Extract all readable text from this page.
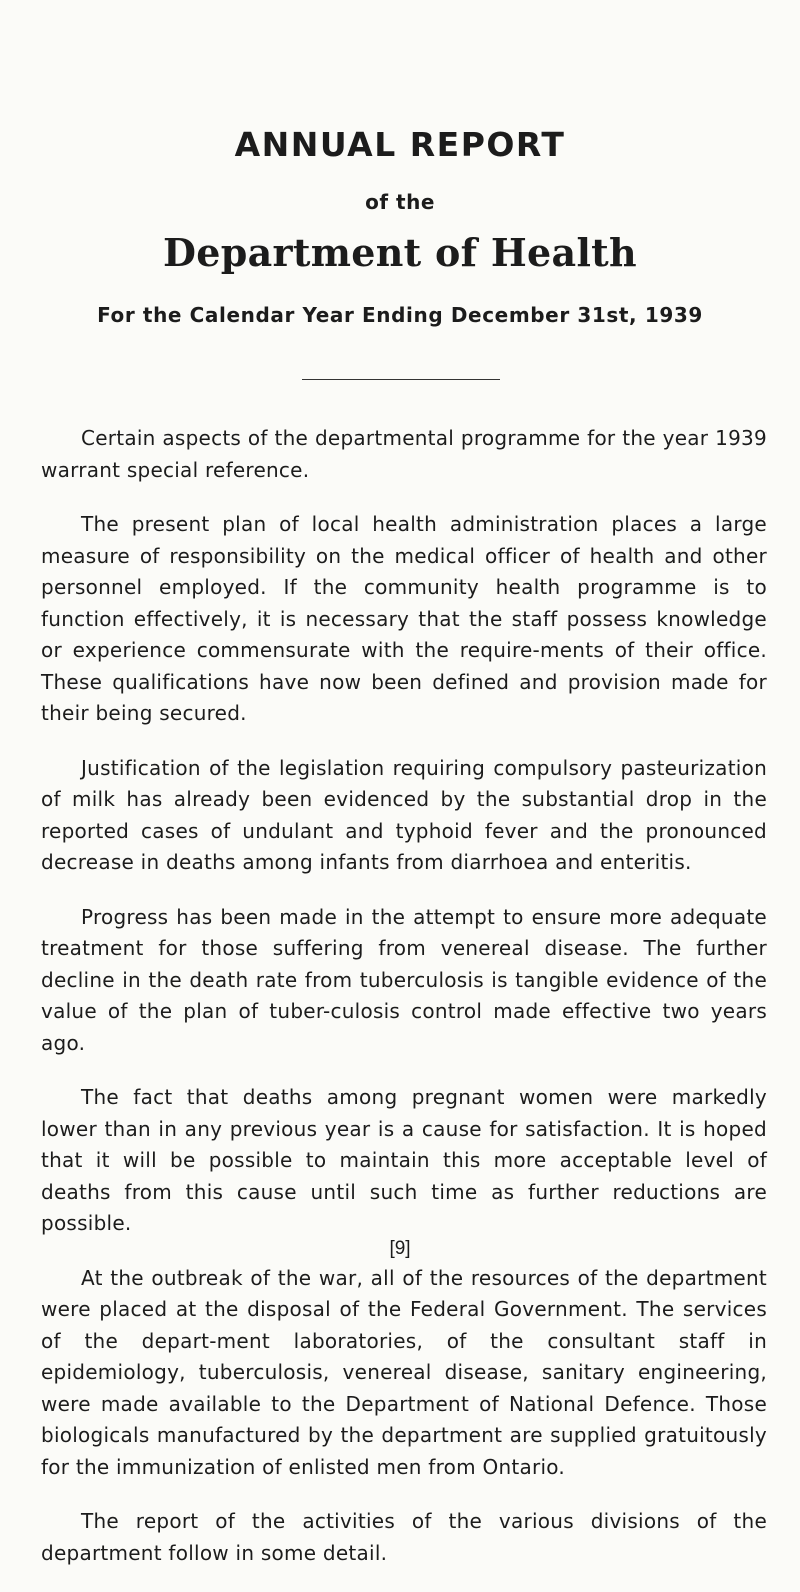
ANNUAL REPORT
of the
Department of Health
For the Calendar Year Ending December 31st, 1939

Certain aspects of the departmental programme for the year 1939 warrant special reference.

The present plan of local health administration places a large measure of responsibility on the medical officer of health and other personnel employed. If the community health programme is to function effectively, it is necessary that the staff possess knowledge or experience commensurate with the require-ments of their office. These qualifications have now been defined and provision made for their being secured.

Justification of the legislation requiring compulsory pasteurization of milk has already been evidenced by the substantial drop in the reported cases of undulant and typhoid fever and the pronounced decrease in deaths among infants from diarrhoea and enteritis.

Progress has been made in the attempt to ensure more adequate treatment for those suffering from venereal disease. The further decline in the death rate from tuberculosis is tangible evidence of the value of the plan of tuber-culosis control made effective two years ago.

The fact that deaths among pregnant women were markedly lower than in any previous year is a cause for satisfaction. It is hoped that it will be possible to maintain this more acceptable level of deaths from this cause until such time as further reductions are possible.

At the outbreak of the war, all of the resources of the department were placed at the disposal of the Federal Government. The services of the depart-ment laboratories, of the consultant staff in epidemiology, tuberculosis, venereal disease, sanitary engineering, were made available to the Department of National Defence. Those biologicals manufactured by the department are supplied gratuitously for the immunization of enlisted men from Ontario.

The report of the activities of the various divisions of the department follow in some detail.

[9]
